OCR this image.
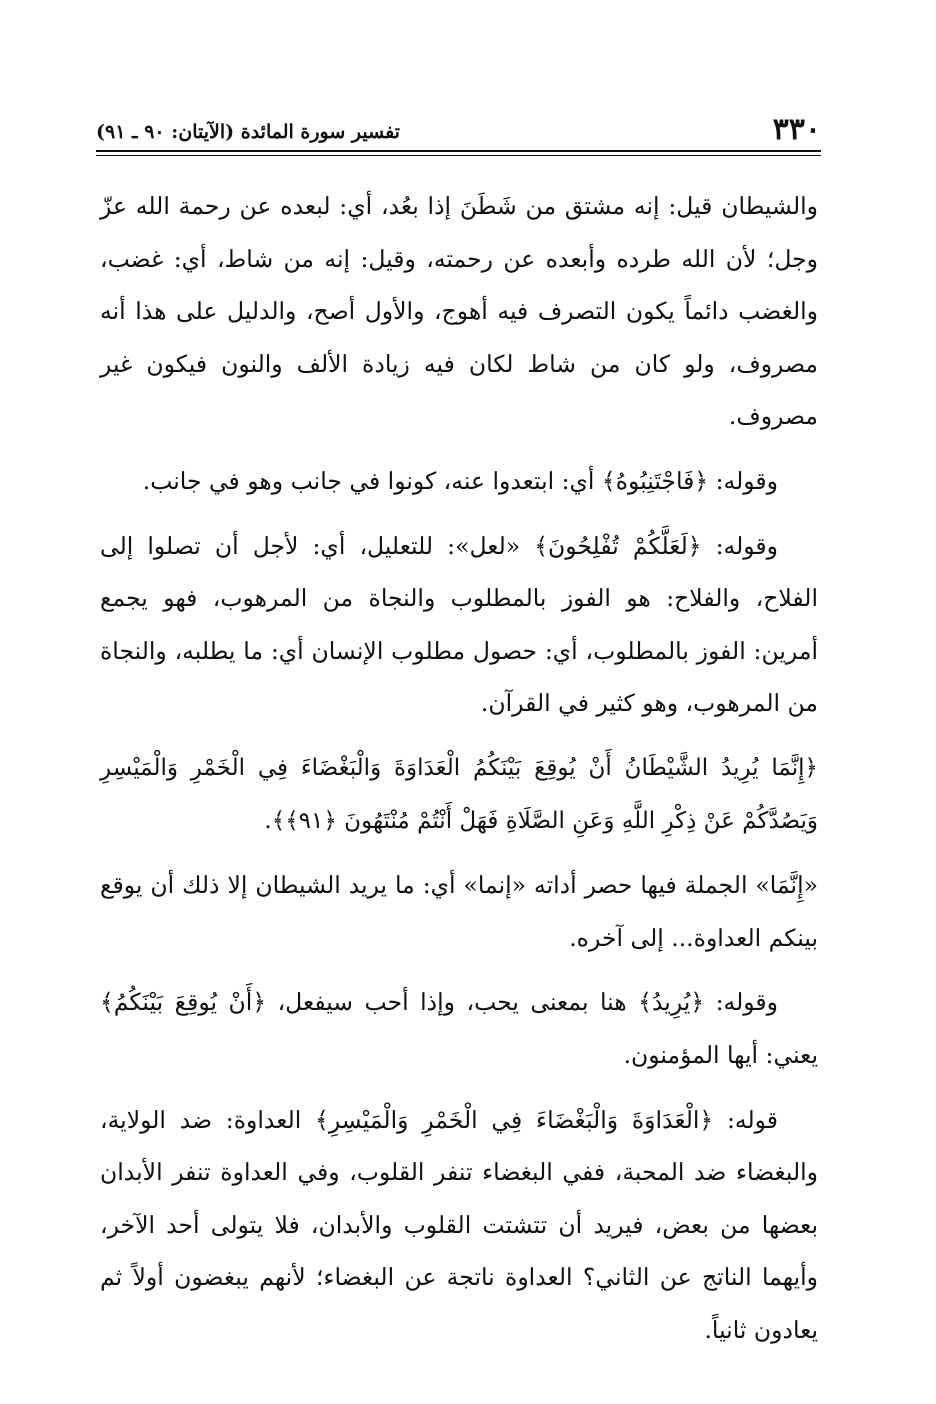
٣٣٠
تفسير سورة المائدة (الآيتان: ٩٠ ـ ٩١)

والشيطان قيل: إنه مشتق من شَطَنَ إذا بعُد، أي: لبعده عن رحمة الله عزّ وجل؛ لأن الله طرده وأبعده عن رحمته، وقيل: إنه من شاط، أي: غضب، والغضب دائماً يكون التصرف فيه أهوج، والأول أصح، والدليل على هذا أنه مصروف، ولو كان من شاط لكان فيه زيادة الألف والنون فيكون غير مصروف.

وقوله: ﴿فَاجْتَنِبُوهُ﴾ أي: ابتعدوا عنه، كونوا في جانب وهو في جانب.

وقوله: ﴿لَعَلَّكُمْ تُفْلِحُونَ﴾ «لعل»: للتعليل، أي: لأجل أن تصلوا إلى الفلاح، والفلاح: هو الفوز بالمطلوب والنجاة من المرهوب، فهو يجمع أمرين: الفوز بالمطلوب، أي: حصول مطلوب الإنسان أي: ما يطلبه، والنجاة من المرهوب، وهو كثير في القرآن.

﴿إِنَّمَا يُرِيدُ الشَّيْطَانُ أَنْ يُوقِعَ بَيْنَكُمُ الْعَدَاوَةَ وَالْبَغْضَاءَ فِي الْخَمْرِ وَالْمَيْسِرِ وَيَصُدَّكُمْ عَنْ ذِكْرِ اللَّهِ وَعَنِ الصَّلَاةِ فَهَلْ أَنْتُمْ مُنْتَهُونَ ﴿٩١﴾﴾.

«إِنَّمَا» الجملة فيها حصر أداته «إنما» أي: ما يريد الشيطان إلا ذلك أن يوقع بينكم العداوة... إلى آخره.

وقوله: ﴿يُرِيدُ﴾ هنا بمعنى يحب، وإذا أحب سيفعل، ﴿أَنْ يُوقِعَ بَيْنَكُمُ﴾ يعني: أيها المؤمنون.

قوله: ﴿الْعَدَاوَةَ وَالْبَغْضَاءَ فِي الْخَمْرِ وَالْمَيْسِرِ﴾ العداوة: ضد الولاية، والبغضاء ضد المحبة، ففي البغضاء تنفر القلوب، وفي العداوة تنفر الأبدان بعضها من بعض، فيريد أن تتشتت القلوب والأبدان، فلا يتولى أحد الآخر، وأيهما الناتج عن الثاني؟ العداوة ناتجة عن البغضاء؛ لأنهم يبغضون أولاً ثم يعادون ثانياً.
